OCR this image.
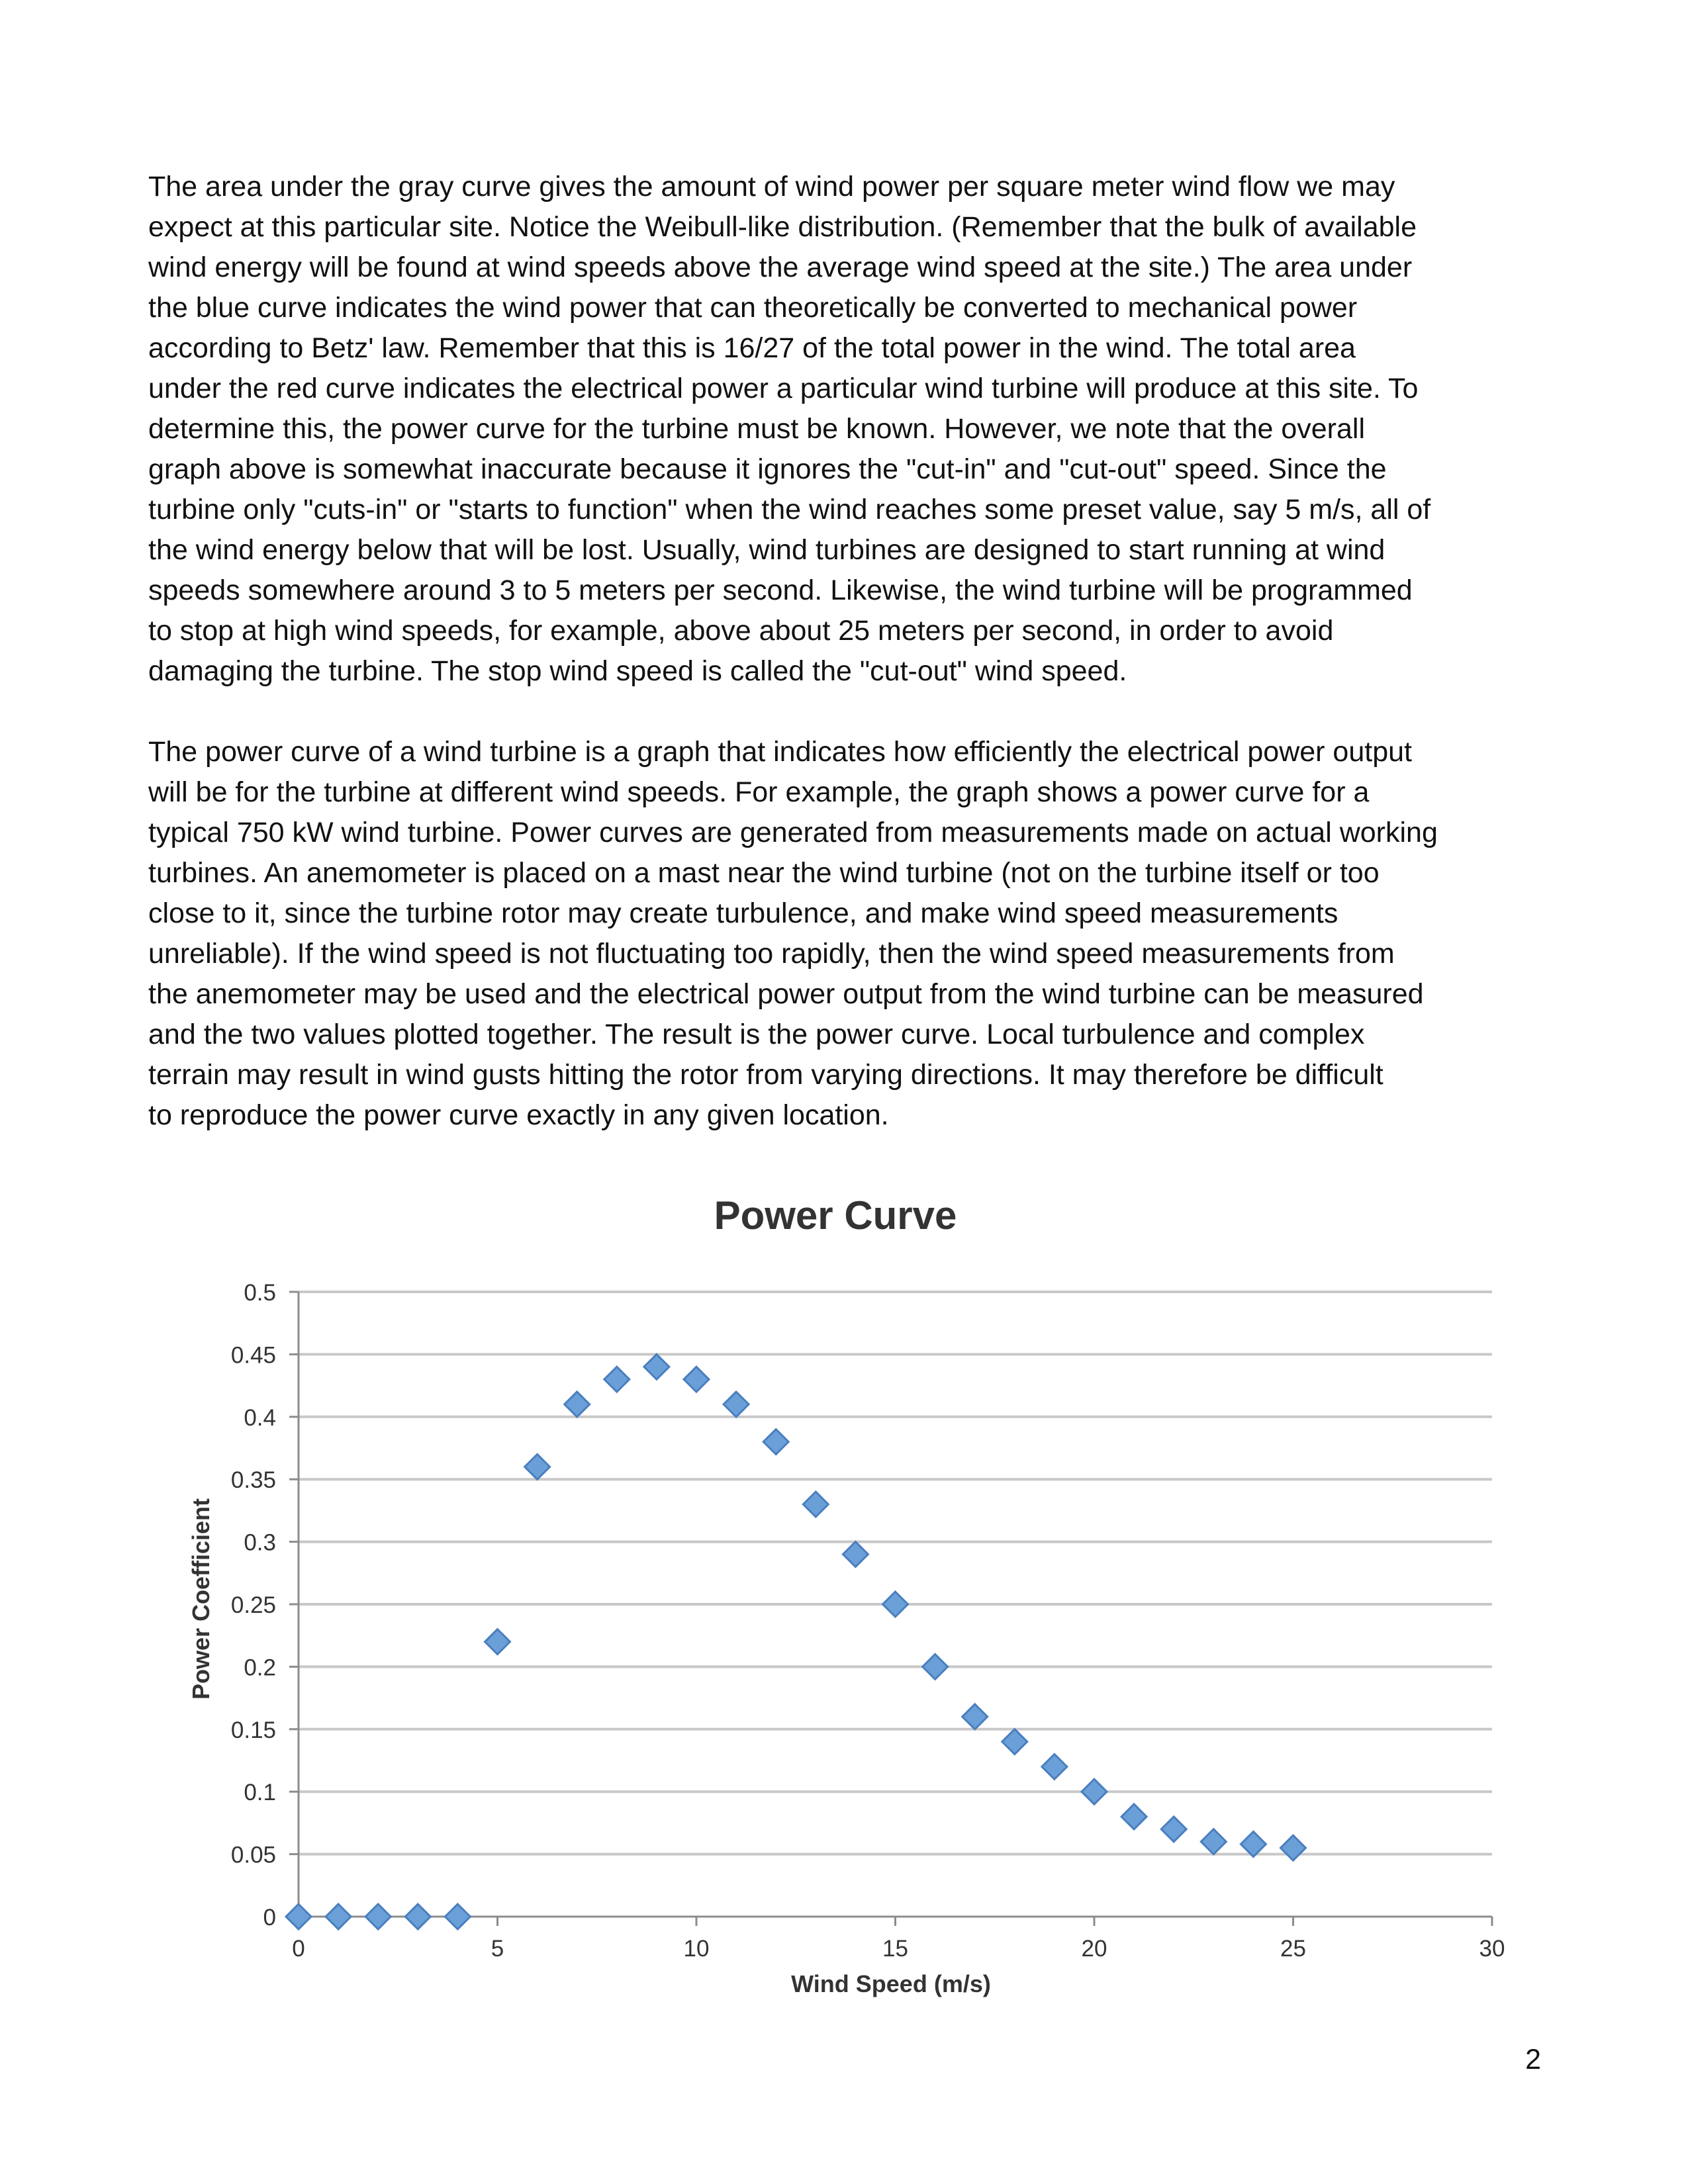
The area under the gray curve gives the amount of wind power per square meter wind flow we may
expect at this particular site. Notice the Weibull-like distribution. (Remember that the bulk of available
wind energy will be found at wind speeds above the average wind speed at the site.) The area under
the blue curve indicates the wind power that can theoretically be converted to mechanical power
according to Betz' law. Remember that this is 16/27 of the total power in the wind. The total area
under the red curve indicates the electrical power a particular wind turbine will produce at this site. To
determine this, the power curve for the turbine must be known. However, we note that the overall
graph above is somewhat inaccurate because it ignores the "cut-in" and "cut-out" speed. Since the
turbine only "cuts-in" or "starts to function" when the wind reaches some preset value, say 5 m/s, all of
the wind energy below that will be lost. Usually, wind turbines are designed to start running at wind
speeds somewhere around 3 to 5 meters per second. Likewise, the wind turbine will be programmed
to stop at high wind speeds, for example, above about 25 meters per second, in order to avoid
damaging the turbine. The stop wind speed is called the "cut-out" wind speed.

The power curve of a wind turbine is a graph that indicates how efficiently the electrical power output
will be for the turbine at different wind speeds. For example, the graph shows a power curve for a
typical 750 kW wind turbine. Power curves are generated from measurements made on actual working
turbines. An anemometer is placed on a mast near the wind turbine (not on the turbine itself or too
close to it, since the turbine rotor may create turbulence, and make wind speed measurements
unreliable). If the wind speed is not fluctuating too rapidly, then the wind speed measurements from
the anemometer may be used and the electrical power output from the wind turbine can be measured
and the two values plotted together. The result is the power curve. Local turbulence and complex
terrain may result in wind gusts hitting the rotor from varying directions. It may therefore be difficult
to reproduce the power curve exactly in any given location.

Power Curve
0
0.05
0.1
0.15
0.2
0.25
0.3
0.35
0.4
0.45
0.5
0	5	10	15	20	25	30
Wind Speed (m/s)
Power Coefficient
2
